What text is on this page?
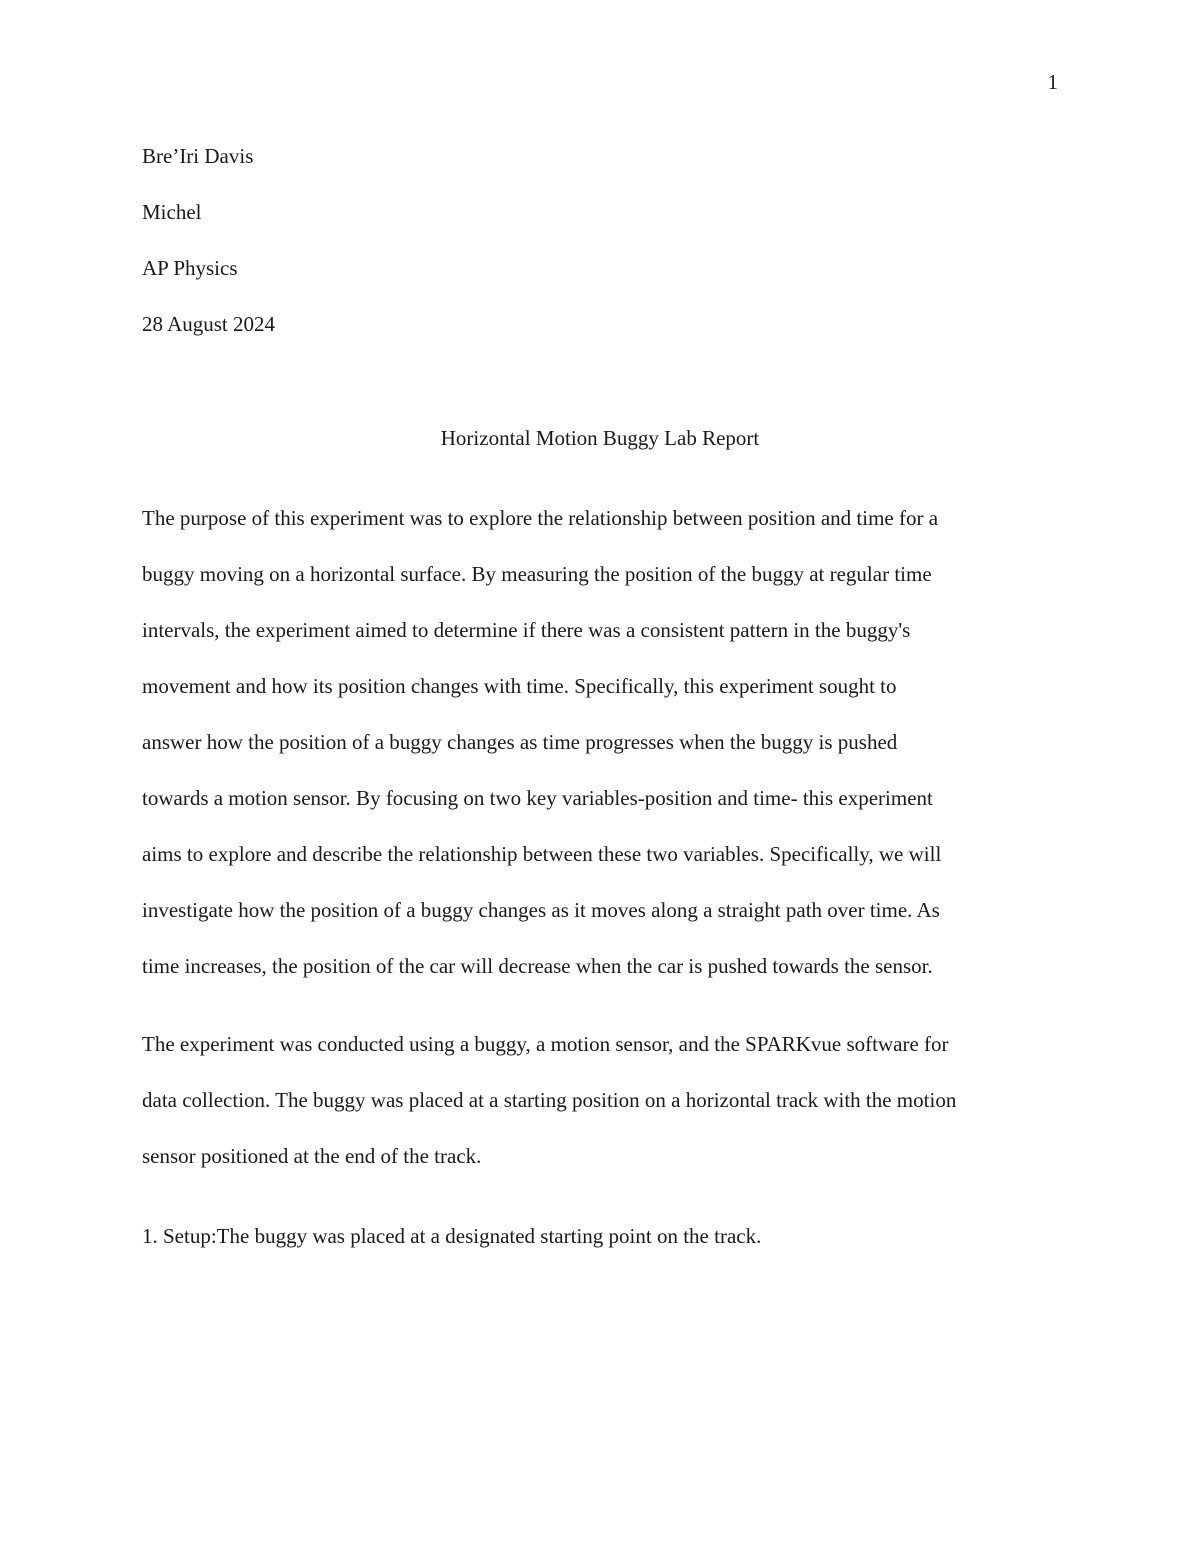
1
Bre’Iri Davis
Michel
AP Physics
28 August 2024
Horizontal Motion Buggy Lab Report

The purpose of this experiment was to explore the relationship between position and time for a
buggy moving on a horizontal surface. By measuring the position of the buggy at regular time
intervals, the experiment aimed to determine if there was a consistent pattern in the buggy's
movement and how its position changes with time. Specifically, this experiment sought to
answer how the position of a buggy changes as time progresses when the buggy is pushed
towards a motion sensor. By focusing on two key variables-position and time- this experiment
aims to explore and describe the relationship between these two variables. Specifically, we will
investigate how the position of a buggy changes as it moves along a straight path over time. As
time increases, the position of the car will decrease when the car is pushed towards the sensor.

The experiment was conducted using a buggy, a motion sensor, and the SPARKvue software for
data collection. The buggy was placed at a starting position on a horizontal track with the motion
sensor positioned at the end of the track.

1. Setup:The buggy was placed at a designated starting point on the track.
